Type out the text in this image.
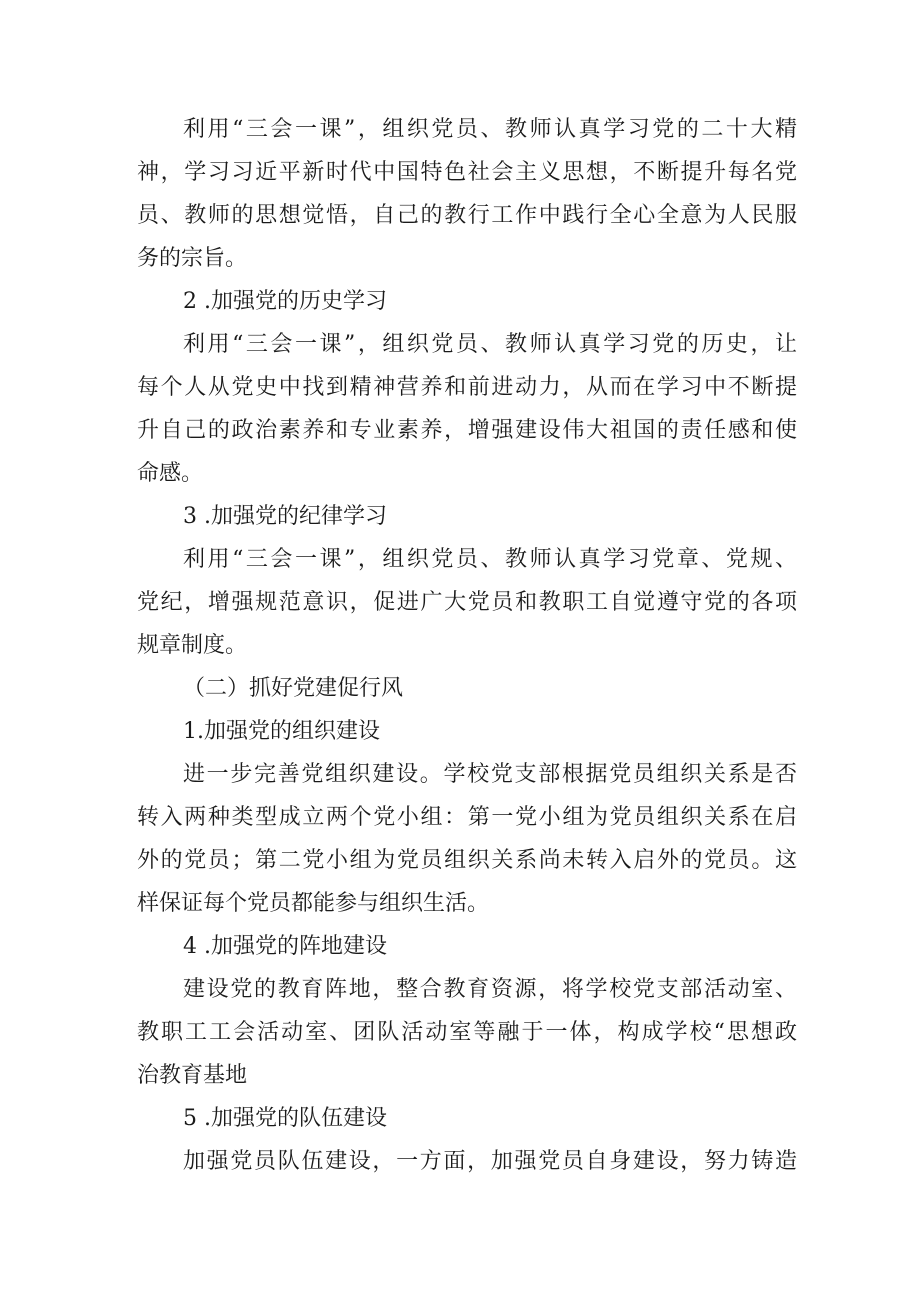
利用“三会一课”，组织党员、教师认真学习党的二十大精
神，学习习近平新时代中国特色社会主义思想，不断提升每名党
员、教师的思想觉悟，自己的教行工作中践行全心全意为人民服
务的宗旨。
2 .加强党的历史学习
利用“三会一课”，组织党员、教师认真学习党的历史，让
每个人从党史中找到精神营养和前进动力，从而在学习中不断提
升自己的政治素养和专业素养，增强建设伟大祖国的责任感和使
命感。
3 .加强党的纪律学习
利用“三会一课”，组织党员、教师认真学习党章、党规、
党纪，增强规范意识，促进广大党员和教职工自觉遵守党的各项
规章制度。
（二）抓好党建促行风
1.加强党的组织建设
进一步完善党组织建设。学校党支部根据党员组织关系是否
转入两种类型成立两个党小组：第一党小组为党员组织关系在启
外的党员；第二党小组为党员组织关系尚未转入启外的党员。这
样保证每个党员都能参与组织生活。
4 .加强党的阵地建设
建设党的教育阵地，整合教育资源，将学校党支部活动室、
教职工工会活动室、团队活动室等融于一体，构成学校“思想政
治教育基地
5 .加强党的队伍建设
加强党员队伍建设，一方面，加强党员自身建设，努力铸造
